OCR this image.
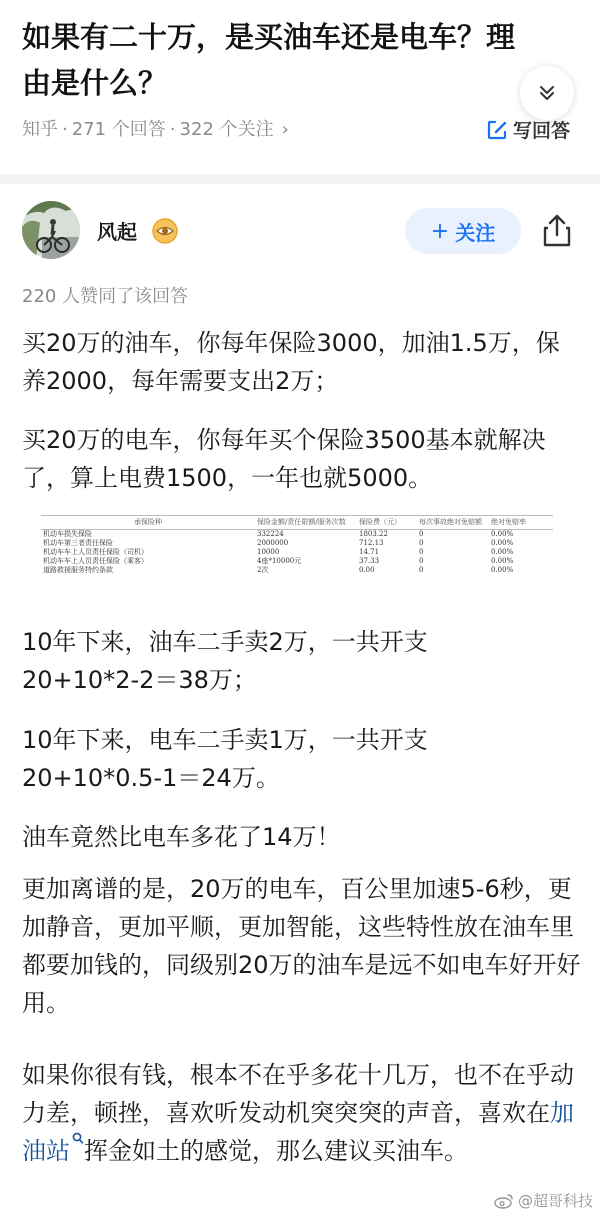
如果有二十万，是买油车还是电车？理由是什么？
知乎 · 271 个回答 · 322 个关注 ›	写回答
风起	+ 关注
220 人赞同了该回答

买20万的油车，你每年保险3000，加油1.5万，保养2000，每年需要支出2万；

买20万的电车，你每年买个保险3500基本就解决了，算上电费1500，一年也就5000。

承保险种	保险金额/责任限额/服务次数	保险费（元）	每次事故绝对免赔额	绝对免赔率
机动车损失保险	332224	1803.22	0	0.00%
机动车第三者责任保险	2000000	712.13	0	0.00%
机动车车上人员责任保险（司机）	10000	14.71	0	0.00%
机动车车上人员责任保险（乘客）	4座*10000元	37.33	0	0.00%
道路救援服务特约条款	2次	0.00	0	0.00%

10年下来，油车二手卖2万，一共开支
20+10*2-2＝38万；

10年下来，电车二手卖1万，一共开支
20+10*0.5-1＝24万。

油车竟然比电车多花了14万！

更加离谱的是，20万的电车，百公里加速5-6秒，更加静音，更加平顺，更加智能，这些特性放在油车里都要加钱的，同级别20万的油车是远不如电车好开好用。

如果你很有钱，根本不在乎多花十几万，也不在乎动力差，顿挫，喜欢听发动机突突突的声音，喜欢在加油站 挥金如土的感觉，那么建议买油车。

@超哥科技
